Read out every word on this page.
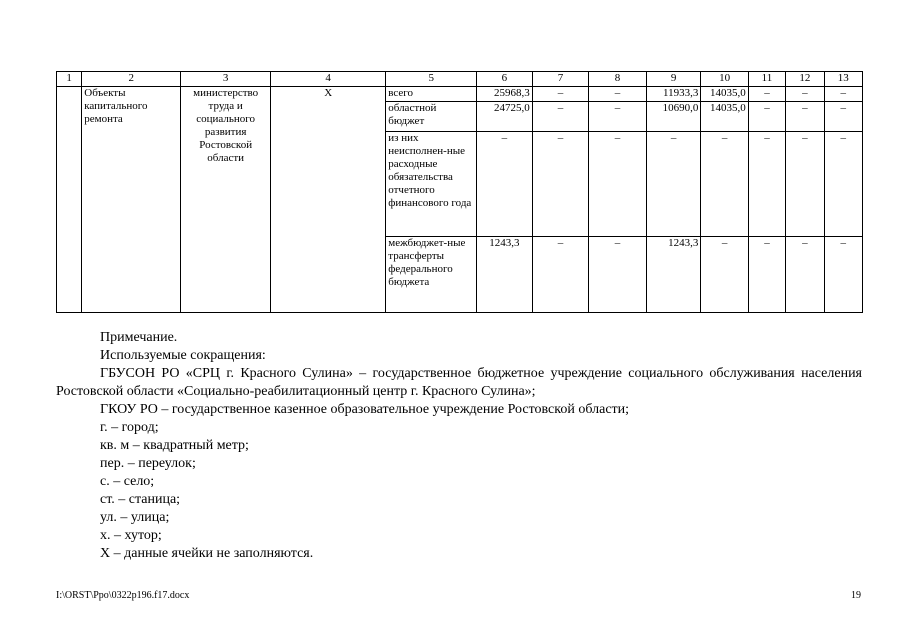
1	2	3	4	5	6	7	8	9	10	11	12	13
	Объекты капитального ремонта	министерство труда и социального развития Ростовской области	Х	всего	25968,3	–	–	11933,3	14035,0	–	–	–
				областной бюджет	24725,0	–	–	10690,0	14035,0	–	–	–
				из них неисполнен-ные расходные обязательства отчетного финансового года	–	–	–	–	–	–	–	–
				межбюджет-ные трансферты федерального бюджета	1243,3	–	–	1243,3	–	–	–	–

Примечание.

Используемые сокращения:

ГБУСОН РО «СРЦ г. Красного Сулина» – государственное бюджетное учреждение социального обслуживания населения Ростовской области «Социально-реабилитационный центр г. Красного Сулина»;

ГКОУ РО – государственное казенное образовательное учреждение Ростовской области;

г. – город;

кв. м – квадратный метр;

пер. – переулок;

с. – село;

ст. – станица;

ул. – улица;

х. – хутор;

Х – данные ячейки не заполняются.

I:\ORST\Ppo\0322p196.f17.docx	19
